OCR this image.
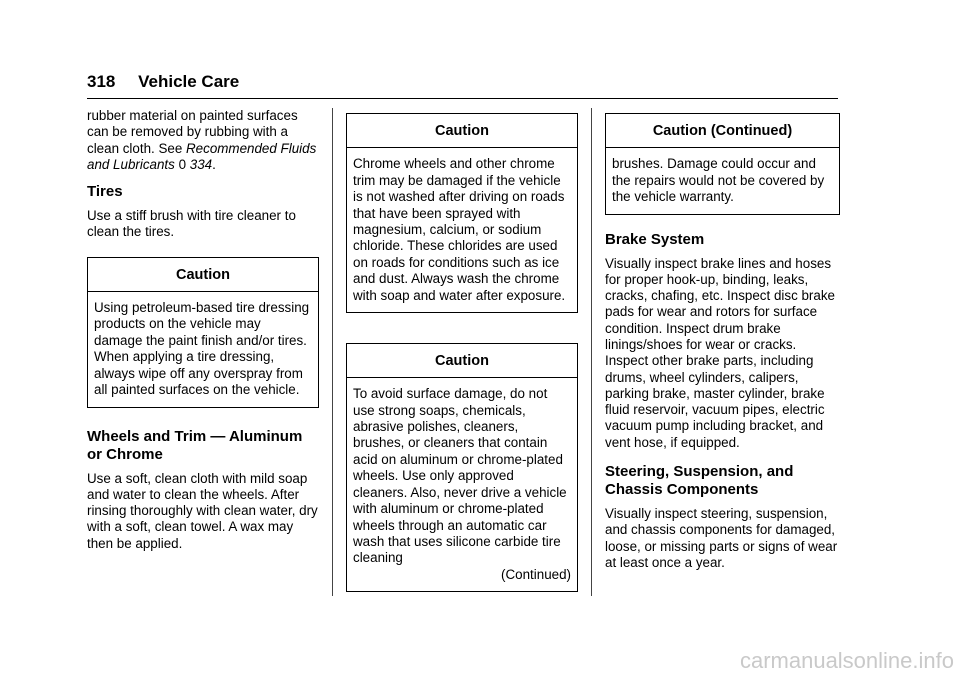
318 Vehicle Care

rubber material on painted surfaces can be removed by rubbing with a clean cloth. See Recommended Fluids and Lubricants 0 334.

Tires

Use a stiff brush with tire cleaner to clean the tires.

Caution
Using petroleum-based tire dressing products on the vehicle may damage the paint finish and/or tires. When applying a tire dressing, always wipe off any overspray from all painted surfaces on the vehicle.
Wheels and Trim — Aluminum or Chrome

Use a soft, clean cloth with mild soap and water to clean the wheels. After rinsing thoroughly with clean water, dry with a soft, clean towel. A wax may then be applied.

Caution
Chrome wheels and other chrome trim may be damaged if the vehicle is not washed after driving on roads that have been sprayed with magnesium, calcium, or sodium chloride. These chlorides are used on roads for conditions such as ice and dust. Always wash the chrome with soap and water after exposure.
Caution
To avoid surface damage, do not use strong soaps, chemicals, abrasive polishes, cleaners, brushes, or cleaners that contain acid on aluminum or chrome-plated wheels. Use only approved cleaners. Also, never drive a vehicle with aluminum or chrome-plated wheels through an automatic car wash that uses silicone carbide tire cleaning
(Continued)
Caution (Continued)
brushes. Damage could occur and the repairs would not be covered by the vehicle warranty.
Brake System

Visually inspect brake lines and hoses for proper hook-up, binding, leaks, cracks, chafing, etc. Inspect disc brake pads for wear and rotors for surface condition. Inspect drum brake linings/shoes for wear or cracks. Inspect other brake parts, including drums, wheel cylinders, calipers, parking brake, master cylinder, brake fluid reservoir, vacuum pipes, electric vacuum pump including bracket, and vent hose, if equipped.

Steering, Suspension, and Chassis Components

Visually inspect steering, suspension, and chassis components for damaged, loose, or missing parts or signs of wear at least once a year.

carmanualsonline.info
